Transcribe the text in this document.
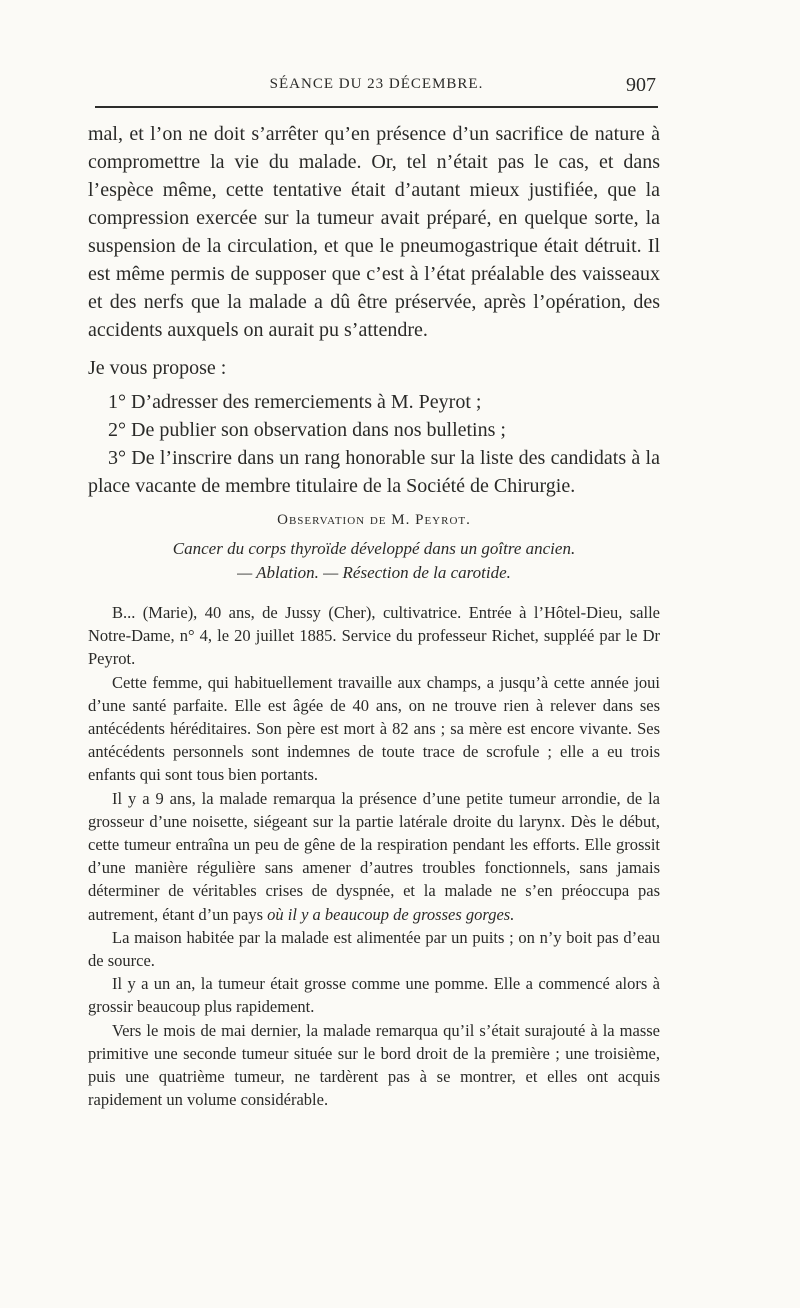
SÉANCE DU 23 DÉCEMBRE.	907

mal, et l’on ne doit s’arrêter qu’en présence d’un sacrifice de nature à compromettre la vie du malade. Or, tel n’était pas le cas, et dans l’espèce même, cette tentative était d’autant mieux justifiée, que la compression exercée sur la tumeur avait préparé, en quelque sorte, la suspension de la circulation, et que le pneumogastrique était détruit. Il est même permis de supposer que c’est à l’état préalable des vaisseaux et des nerfs que la malade a dû être préservée, après l’opération, des accidents auxquels on aurait pu s’attendre.

Je vous propose :

1° D’adresser des remerciements à M. Peyrot ;

2° De publier son observation dans nos bulletins ;

3° De l’inscrire dans un rang honorable sur la liste des candidats à la place vacante de membre titulaire de la Société de Chirurgie.

Observation de M. Peyrot.

Cancer du corps thyroïde développé dans un goître ancien.
— Ablation. — Résection de la carotide.

B... (Marie), 40 ans, de Jussy (Cher), cultivatrice. Entrée à l’Hôtel-Dieu, salle Notre-Dame, n° 4, le 20 juillet 1885. Service du professeur Richet, suppléé par le Dr Peyrot.

Cette femme, qui habituellement travaille aux champs, a jusqu’à cette année joui d’une santé parfaite. Elle est âgée de 40 ans, on ne trouve rien à relever dans ses antécédents héréditaires. Son père est mort à 82 ans ; sa mère est encore vivante. Ses antécédents personnels sont indemnes de toute trace de scrofule ; elle a eu trois enfants qui sont tous bien portants.

Il y a 9 ans, la malade remarqua la présence d’une petite tumeur arrondie, de la grosseur d’une noisette, siégeant sur la partie latérale droite du larynx. Dès le début, cette tumeur entraîna un peu de gêne de la respiration pendant les efforts. Elle grossit d’une manière régulière sans amener d’autres troubles fonctionnels, sans jamais déterminer de véritables crises de dyspnée, et la malade ne s’en préoccupa pas autrement, étant d’un pays où il y a beaucoup de grosses gorges.

La maison habitée par la malade est alimentée par un puits ; on n’y boit pas d’eau de source.

Il y a un an, la tumeur était grosse comme une pomme. Elle a commencé alors à grossir beaucoup plus rapidement.

Vers le mois de mai dernier, la malade remarqua qu’il s’était surajouté à la masse primitive une seconde tumeur située sur le bord droit de la première ; une troisième, puis une quatrième tumeur, ne tardèrent pas à se montrer, et elles ont acquis rapidement un volume considérable.
